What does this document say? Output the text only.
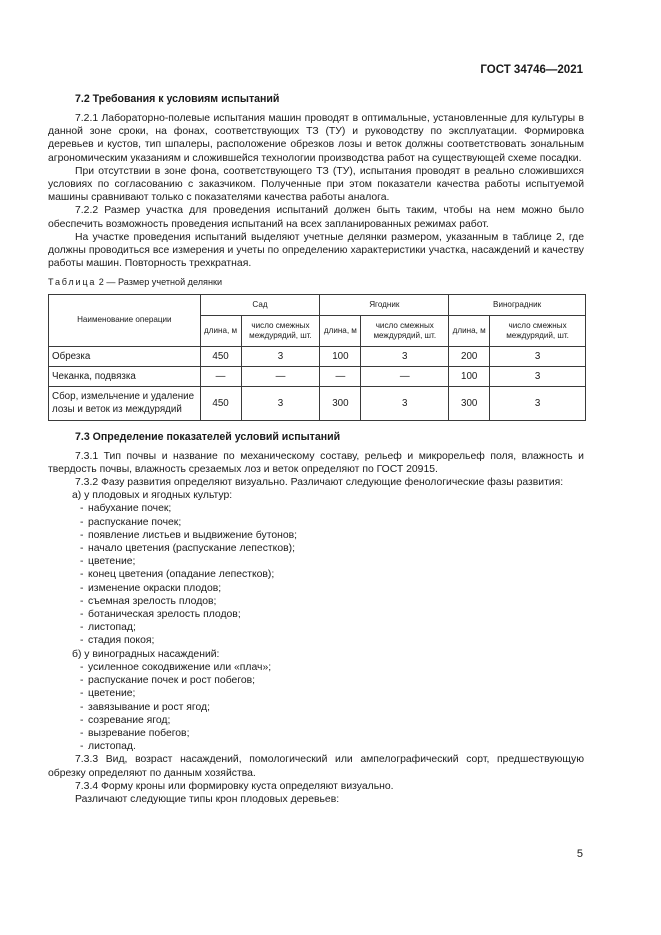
ГОСТ 34746—2021
7.2 Требования к условиям испытаний

7.2.1 Лабораторно-полевые испытания машин проводят в оптимальные, установленные для культуры в данной зоне сроки, на фонах, соответствующих ТЗ (ТУ) и руководству по эксплуатации. Формировка деревьев и кустов, тип шпалеры, расположение обрезков лозы и веток должны соответствовать зональным агрономическим указаниям и сложившейся технологии производства работ на существующей схеме посадки.

При отсутствии в зоне фона, соответствующего ТЗ (ТУ), испытания проводят в реально сложившихся условиях по согласованию с заказчиком. Полученные при этом показатели качества работы испытуемой машины сравнивают только с показателями качества работы аналога.

7.2.2 Размер участка для проведения испытаний должен быть таким, чтобы на нем можно было обеспечить возможность проведения испытаний на всех запланированных режимах работ.

На участке проведения испытаний выделяют учетные делянки размером, указанным в таблице 2, где должны проводиться все измерения и учеты по определению характеристики участка, насаждений и качеству работы машин. Повторность трехкратная.

Таблица 2 — Размер учетной делянки
Наименование операции	Сад		Ягодник		Виноградник	
	длина, м	число смежных междурядий, шт.	длина, м	число смежных междурядий, шт.	длина, м	число смежных междурядий, шт.
Обрезка	450	3	100	3	200	3
Чеканка, подвязка	—	—	—	—	100	3
Сбор, измельчение и удаление лозы и веток из междурядий	450	3	300	3	300	3
7.3 Определение показателей условий испытаний

7.3.1 Тип почвы и название по механическому составу, рельеф и микрорельеф поля, влажность и твердость почвы, влажность срезаемых лоз и веток определяют по ГОСТ 20915.

7.3.2 Фазу развития определяют визуально. Различают следующие фенологические фазы развития:

а) у плодовых и ягодных культур:
- набухание почек;
- распускание почек;
- появление листьев и выдвижение бутонов;
- начало цветения (распускание лепестков);
- цветение;
- конец цветения (опадание лепестков);
- изменение окраски плодов;
- съемная зрелость плодов;
- ботаническая зрелость плодов;
- листопад;
- стадия покоя;
б) у виноградных насаждений:
- усиленное сокодвижение или «плач»;
- распускание почек и рост побегов;
- цветение;
- завязывание и рост ягод;
- созревание ягод;
- вызревание побегов;
- листопад.

7.3.3 Вид, возраст насаждений, помологический или ампелографический сорт, предшествующую обрезку определяют по данным хозяйства.

7.3.4 Форму кроны или формировку куста определяют визуально.

Различают следующие типы крон плодовых деревьев:

5
